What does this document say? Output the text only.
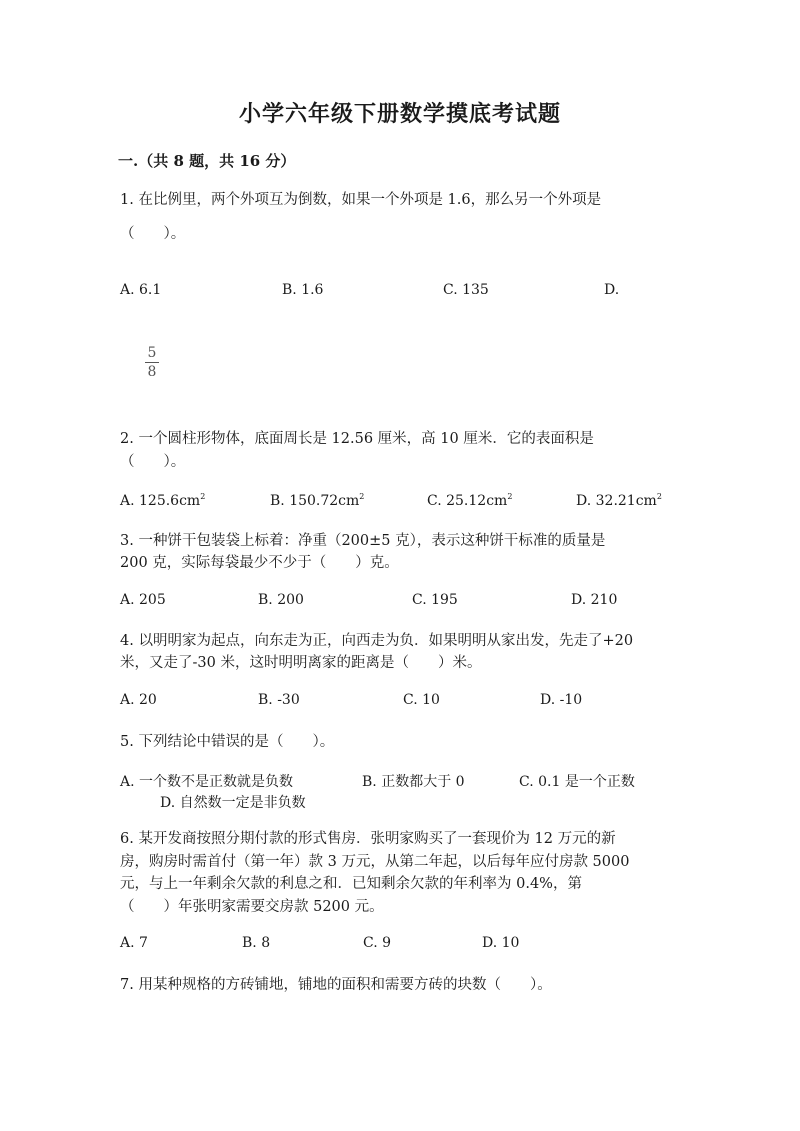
小学六年级下册数学摸底考试题
一.（共 8 题，共 16 分）
1. 在比例里，两个外项互为倒数，如果一个外项是 1.6，那么另一个外项是
（　　）。
A. 6.1	B. 1.6	C. 135	D.
5
8
2. 一个圆柱形物体，底面周长是 12.56 厘米，高 10 厘米．它的表面积是
（　　）。
A. $125.6cm^2$	B. $150.72cm^2$	C. $25.12cm^2$	D. $32.21cm^2$
3. 一种饼干包装袋上标着：净重（200±5 克），表示这种饼干标准的质量是
200 克，实际每袋最少不少于（　　）克。
A. 205	B. 200	C. 195	D. 210
4. 以明明家为起点，向东走为正，向西走为负．如果明明从家出发，先走了+20
米，又走了-30 米，这时明明离家的距离是（　　）米。
A. 20	B. -30	C. 10	D. -10
5. 下列结论中错误的是（　　）。
A. 一个数不是正数就是负数	B. 正数都大于 0	C. 0.1 是一个正数
D. 自然数一定是非负数
6. 某开发商按照分期付款的形式售房．张明家购买了一套现价为 12 万元的新
房，购房时需首付（第一年）款 3 万元，从第二年起，以后每年应付房款 5000
元，与上一年剩余欠款的利息之和．已知剩余欠款的年利率为 0.4%，第
（　　）年张明家需要交房款 5200 元。
A. 7	B. 8	C. 9	D. 10
7. 用某种规格的方砖铺地，铺地的面积和需要方砖的块数（　　）。
